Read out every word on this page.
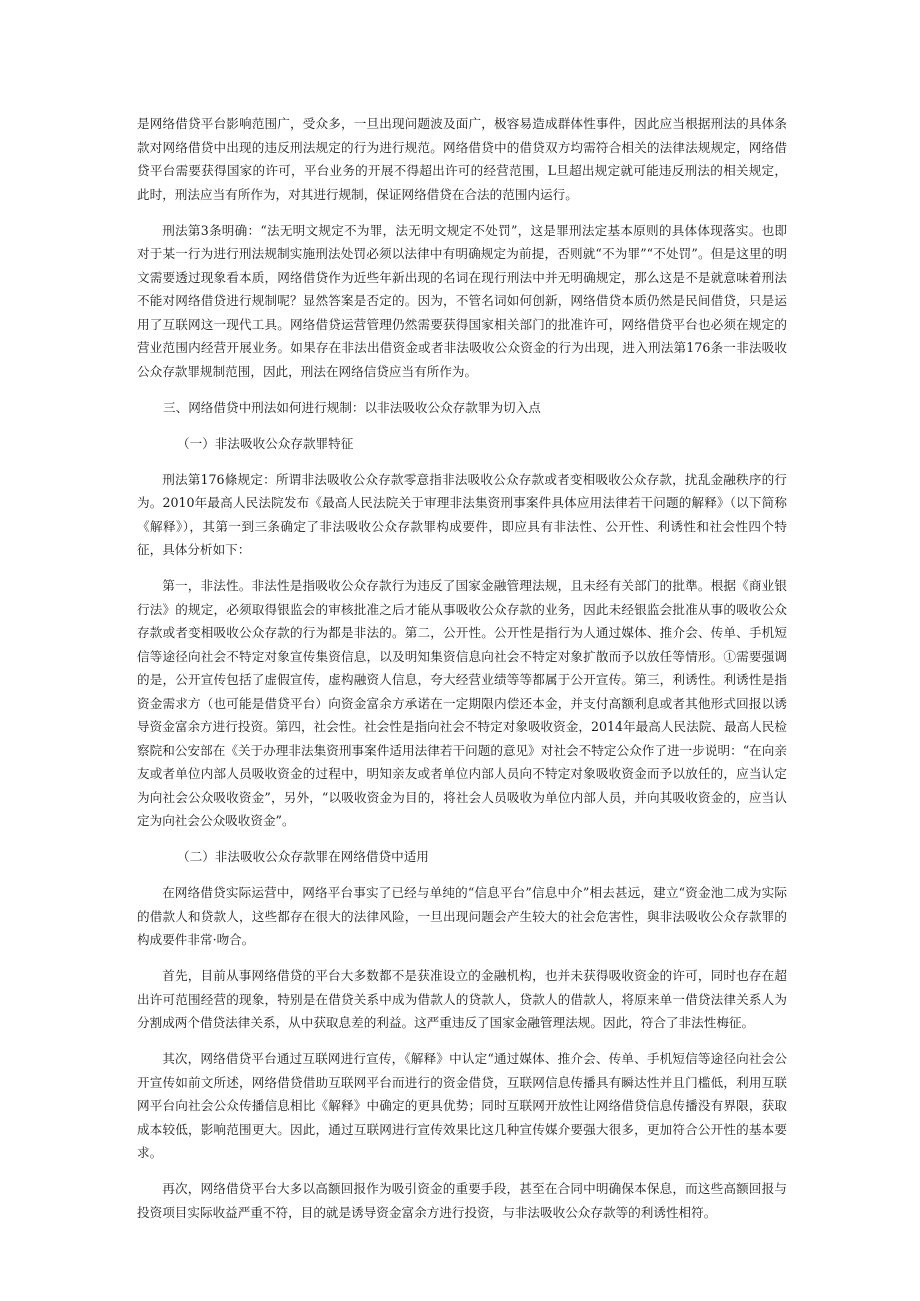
是网络借贷平台影响范围广，受众多，一旦出现问题波及面广，极容易造成群体性事件，因此应当根据刑法的具体条款对网络借贷中出现的违反刑法规定的行为进行规范。网络借贷中的借贷双方均需符合相关的法律法规规定，网络借贷平台需要获得国家的许可，平台业务的开展不得超出许可的经营范围，L旦超出规定就可能违反刑法的相关规定，此时，刑法应当有所作为，对其进行规制，保证网络借贷在合法的范围内运行。

刑法第3条明确：“法无明文规定不为罪，法无明文规定不处罚”，这是罪刑法定基本原则的具体体现落实。也即对于某一行为进行刑法规制实施刑法处罚必须以法律中有明确规定为前提，否则就“不为罪”“不处罚”。但是这里的明文需要透过现象看本质，网络借贷作为近些年新出现的名词在现行刑法中并无明确规定，那么这是不是就意味着刑法不能对网络借贷进行规制呢？显然答案是否定的。因为，不管名词如何创新，网络借贷本质仍然是民间借贷，只是运用了互联网这一现代工具。网络借贷运营管理仍然需要获得国家相关部门的批准许可，网络借贷平台也必须在规定的营业范围内经营开展业务。如果存在非法出借资金或者非法吸收公众资金的行为出现，进入刑法第176条一非法吸收公众存款罪规制范围，因此，刑法在网络信贷应当有所作为。

三、网络借贷中刑法如何进行规制：以非法吸收公众存款罪为切入点

（一）非法吸收公众存款罪特征

刑法第176條规定：所谓非法吸收公众存款零意指非法吸收公众存款或者变相吸收公众存款，扰乱金融秩序的行为。2010年最高人民法院发布《最高人民法院关于审理非法集资刑事案件具体应用法律若干问题的解释》（以下简称《解释》），其第一到三条确定了非法吸收公众存款罪构成要件，即应具有非法性、公开性、利诱性和社会性四个特征，具体分析如下：

第一，非法性。非法性是指吸收公众存款行为违反了国家金融管理法规，且未经有关部门的批準。根据《商业银行法》的规定，必须取得银监会的审核批准之后才能从事吸收公众存款的业务，因此未经银监会批准从事的吸收公众存款或者变相吸收公众存款的行为都是非法的。第二，公开性。公开性是指行为人通过媒体、推介会、传单、手机短信等途径向社会不特定对象宣传集资信息，以及明知集资信息向社会不特定对象扩散而予以放任等情形。①需要强调的是，公开宣传包括了虚假宣传，虚构融资人信息，夸大经营业绩等等都属于公开宣传。第三，利诱性。利诱性是指资金需求方（也可能是借贷平台）向资金富余方承诺在一定期限内偿还本金，并支付高额利息或者其他形式回报以诱导资金富余方进行投资。第四，社会性。社会性是指向社会不特定对象吸收资金，2014年最高人民法院、最高人民检察院和公安部在《关于办理非法集资刑事案件适用法律若干问题的意见》对社会不特定公众作了进一步说明：“在向亲友或者单位内部人员吸收资金的过程中，明知亲友或者单位内部人员向不特定对象吸收资金而予以放任的，应当认定为向社会公众吸收资金”，另外，“以吸收资金为目的，将社会人员吸收为单位内部人员，并向其吸收资金的，应当认定为向社会公众吸收资金”。

（二）非法吸收公众存款罪在网络借贷中适用

在网络借贷实际运营中，网络平台事实了已经与单纯的“信息平台”信息中介”相去甚远，建立“资金池二成为实际的借款人和贷款人，这些都存在很大的法律风险，一旦出现问题会产生较大的社会危害性，與非法吸收公众存款罪的构成要件非常·吻合。

首先，目前从事网络借贷的平台大多数都不是获准设立的金融机构，也并未获得吸收资金的许可，同时也存在超出许可范围经营的现象，特别是在借贷关系中成为借款人的贷款人，贷款人的借款人，将原来单一借贷法律关系人为分割成两个借贷法律关系，从中获取息差的利益。这严重违反了国家金融管理法规。因此，符合了非法性梅征。

其次，网络借贷平台通过互联网进行宣传，《解释》中认定“通过媒体、推介会、传单、手机短信等途径向社会公开宣传如前文所述，网络借贷借助互联网平台而进行的资金借贷，互联网信息传播具有瞬达性并且门槛低，利用互联网平台向社会公众传播信息相比《解释》中确定的更具优势；同时互联网开放性让网络借贷信息传播没有界限，获取成本较低，影响范围更大。因此，通过互联网进行宣传效果比这几种宣传媒介要强大很多，更加符合公开性的基本要求。

再次，网络借贷平台大多以高额回报作为吸引资金的重要手段，甚至在合同中明确保本保息，而这些高额回报与投资项目实际收益严重不符，目的就是诱导资金富余方进行投资，与非法吸收公众存款等的利诱性相符。
